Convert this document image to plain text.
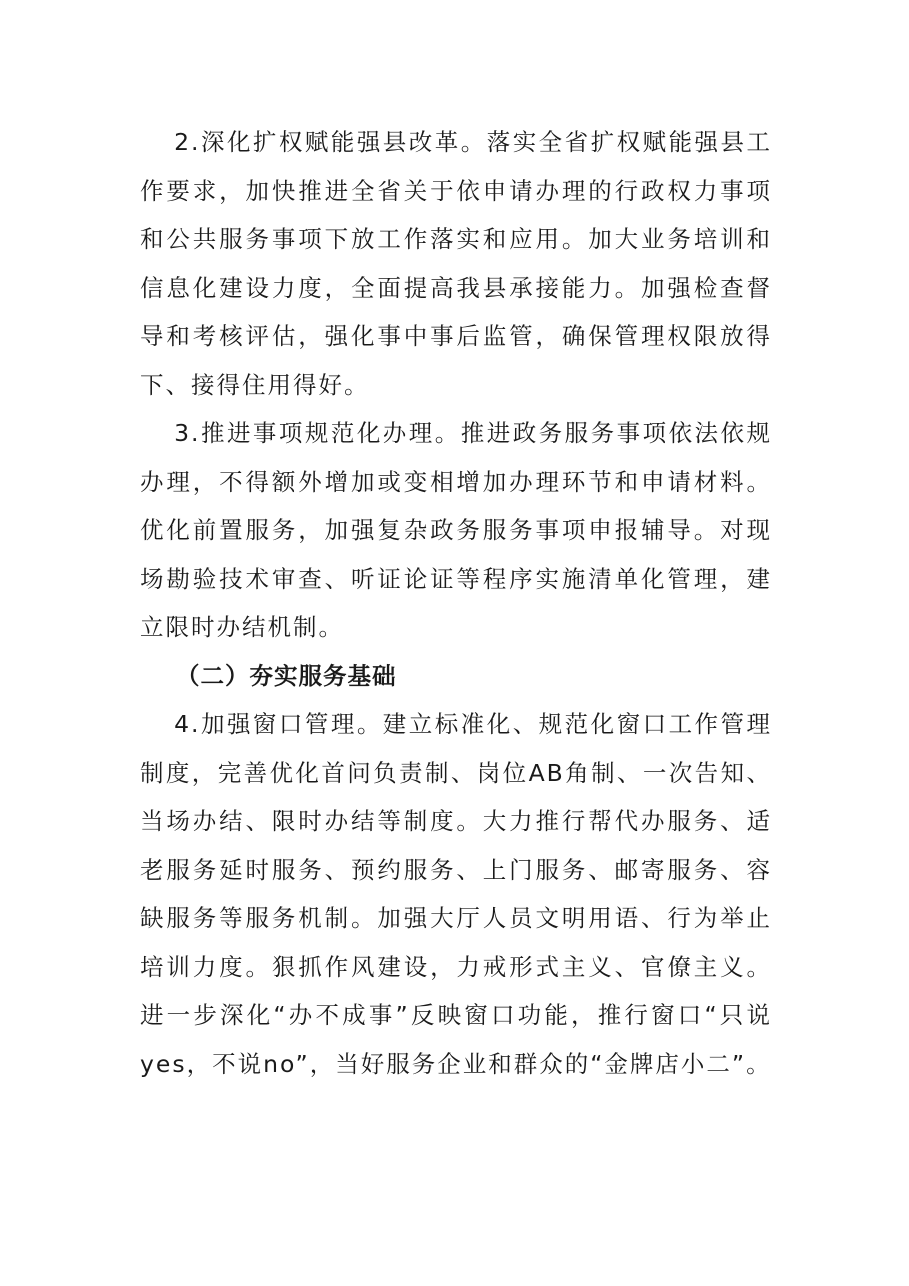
2.深化扩权赋能强县改革。落实全省扩权赋能强县工作要求，加快推进全省关于依申请办理的行政权力事项和公共服务事项下放工作落实和应用。加大业务培训和信息化建设力度，全面提高我县承接能力。加强检查督导和考核评估，强化事中事后监管，确保管理权限放得下、接得住用得好。

3.推进事项规范化办理。推进政务服务事项依法依规办理，不得额外增加或变相增加办理环节和申请材料。优化前置服务，加强复杂政务服务事项申报辅导。对现场勘验技术审查、听证论证等程序实施清单化管理，建立限时办结机制。

（二）夯实服务基础

4.加强窗口管理。建立标准化、规范化窗口工作管理制度，完善优化首问负责制、岗位AB角制、一次告知、当场办结、限时办结等制度。大力推行帮代办服务、适老服务延时服务、预约服务、上门服务、邮寄服务、容缺服务等服务机制。加强大厅人员文明用语、行为举止培训力度。狠抓作风建设，力戒形式主义、官僚主义。进一步深化“办不成事”反映窗口功能，推行窗口“只说yes，不说no”，当好服务企业和群众的“金牌店小二”。
